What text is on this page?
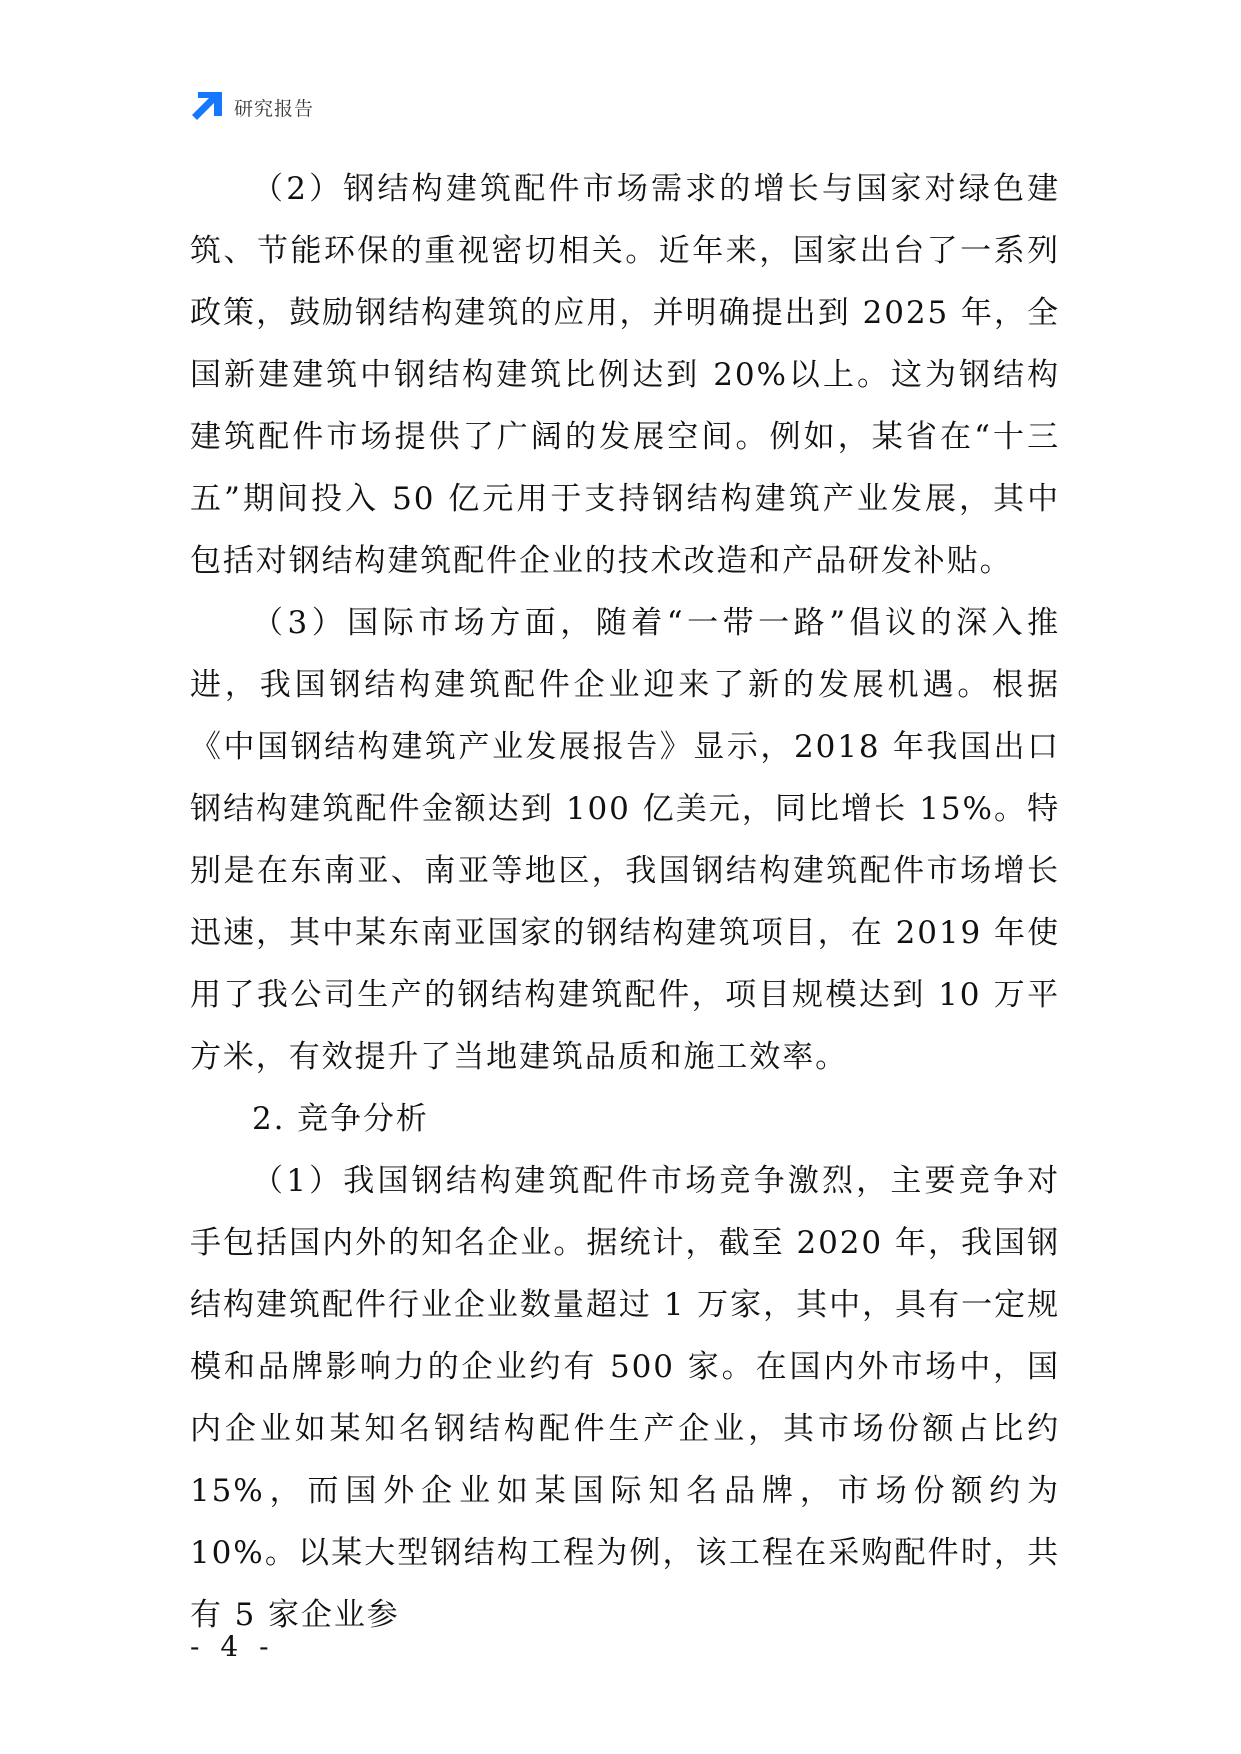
研究报告

（2）钢结构建筑配件市场需求的增长与国家对绿色建筑、节能环保的重视密切相关。近年来，国家出台了一系列政策，鼓励钢结构建筑的应用，并明确提出到 2025 年，全国新建建筑中钢结构建筑比例达到 20%以上。这为钢结构建筑配件市场提供了广阔的发展空间。例如，某省在“十三五”期间投入 50 亿元用于支持钢结构建筑产业发展，其中包括对钢结构建筑配件企业的技术改造和产品研发补贴。

（3）国际市场方面，随着“一带一路”倡议的深入推进，我国钢结构建筑配件企业迎来了新的发展机遇。根据《中国钢结构建筑产业发展报告》显示，2018 年我国出口钢结构建筑配件金额达到 100 亿美元，同比增长 15%。特别是在东南亚、南亚等地区，我国钢结构建筑配件市场增长迅速，其中某东南亚国家的钢结构建筑项目，在 2019 年使用了我公司生产的钢结构建筑配件，项目规模达到 10 万平方米，有效提升了当地建筑品质和施工效率。

2. 竞争分析

（1）我国钢结构建筑配件市场竞争激烈，主要竞争对手包括国内外的知名企业。据统计，截至 2020 年，我国钢结构建筑配件行业企业数量超过 1 万家，其中，具有一定规模和品牌影响力的企业约有 500 家。在国内外市场中，国内企业如某知名钢结构配件生产企业，其市场份额占比约 15%，而国外企业如某国际知名品牌，市场份额约为 10%。以某大型钢结构工程为例，该工程在采购配件时，共有 5 家企业参

- 4 -
